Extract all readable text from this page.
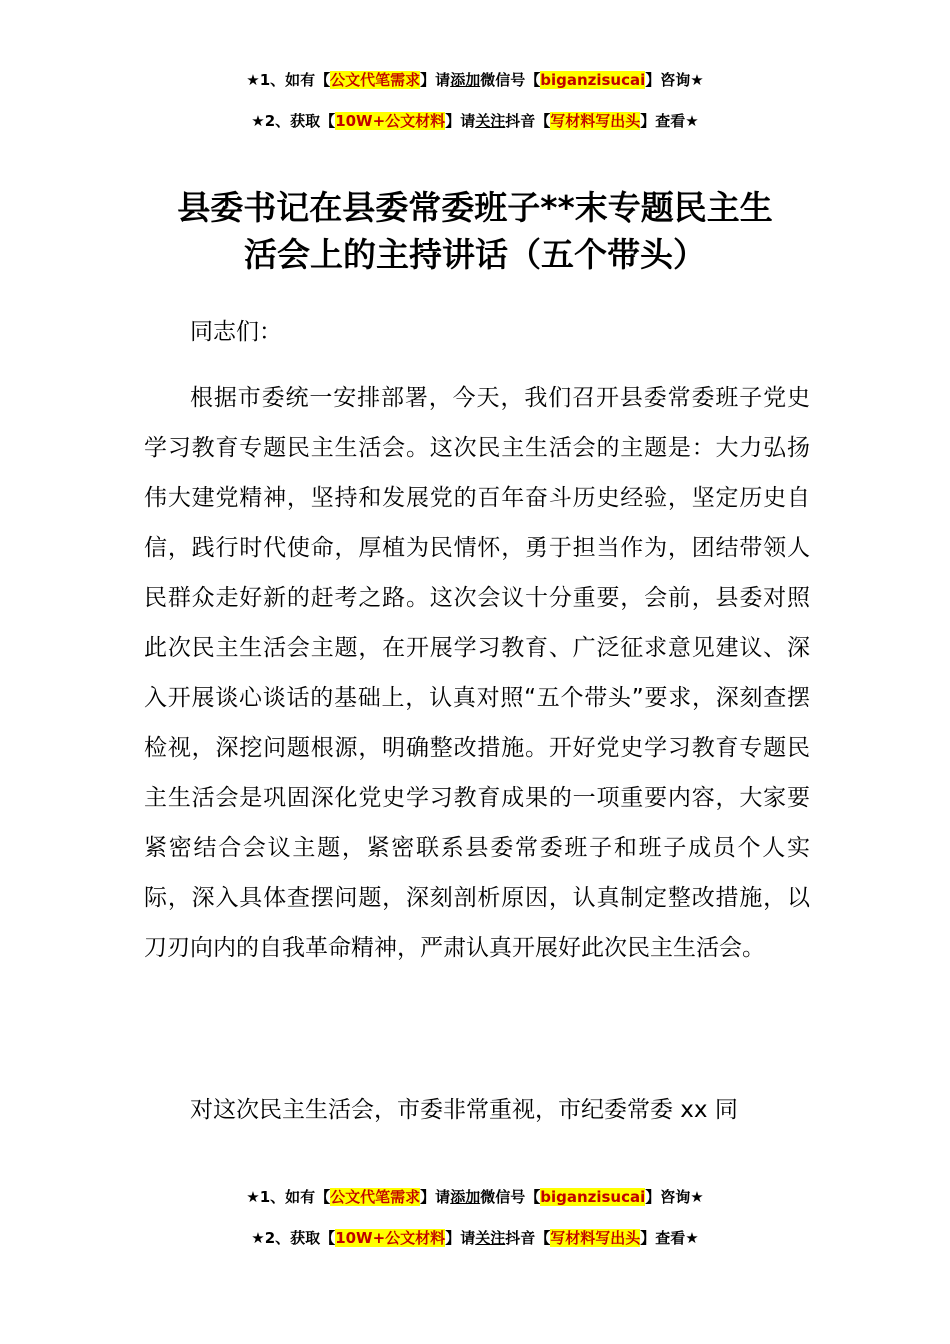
★1、如有【公文代笔需求】请添加微信号【biganzisucai】咨询★
★2、获取【10W+公文材料】请关注抖音【写材料写出头】查看★
县委书记在县委常委班子**末专题民主生
活会上的主持讲话（五个带头）

同志们：

根据市委统一安排部署，今天，我们召开县委常委班子党史学习教育专题民主生活会。这次民主生活会的主题是：大力弘扬伟大建党精神，坚持和发展党的百年奋斗历史经验，坚定历史自信，践行时代使命，厚植为民情怀，勇于担当作为，团结带领人民群众走好新的赶考之路。这次会议十分重要，会前，县委对照此次民主生活会主题，在开展学习教育、广泛征求意见建议、深入开展谈心谈话的基础上，认真对照“五个带头”要求，深刻查摆检视，深挖问题根源，明确整改措施。开好党史学习教育专题民主生活会是巩固深化党史学习教育成果的一项重要内容，大家要紧密结合会议主题，紧密联系县委常委班子和班子成员个人实际，深入具体查摆问题，深刻剖析原因，认真制定整改措施，以刀刃向内的自我革命精神，严肃认真开展好此次民主生活会。

对这次民主生活会，市委非常重视，市纪委常委 xx 同

★1、如有【公文代笔需求】请添加微信号【biganzisucai】咨询★
★2、获取【10W+公文材料】请关注抖音【写材料写出头】查看★
